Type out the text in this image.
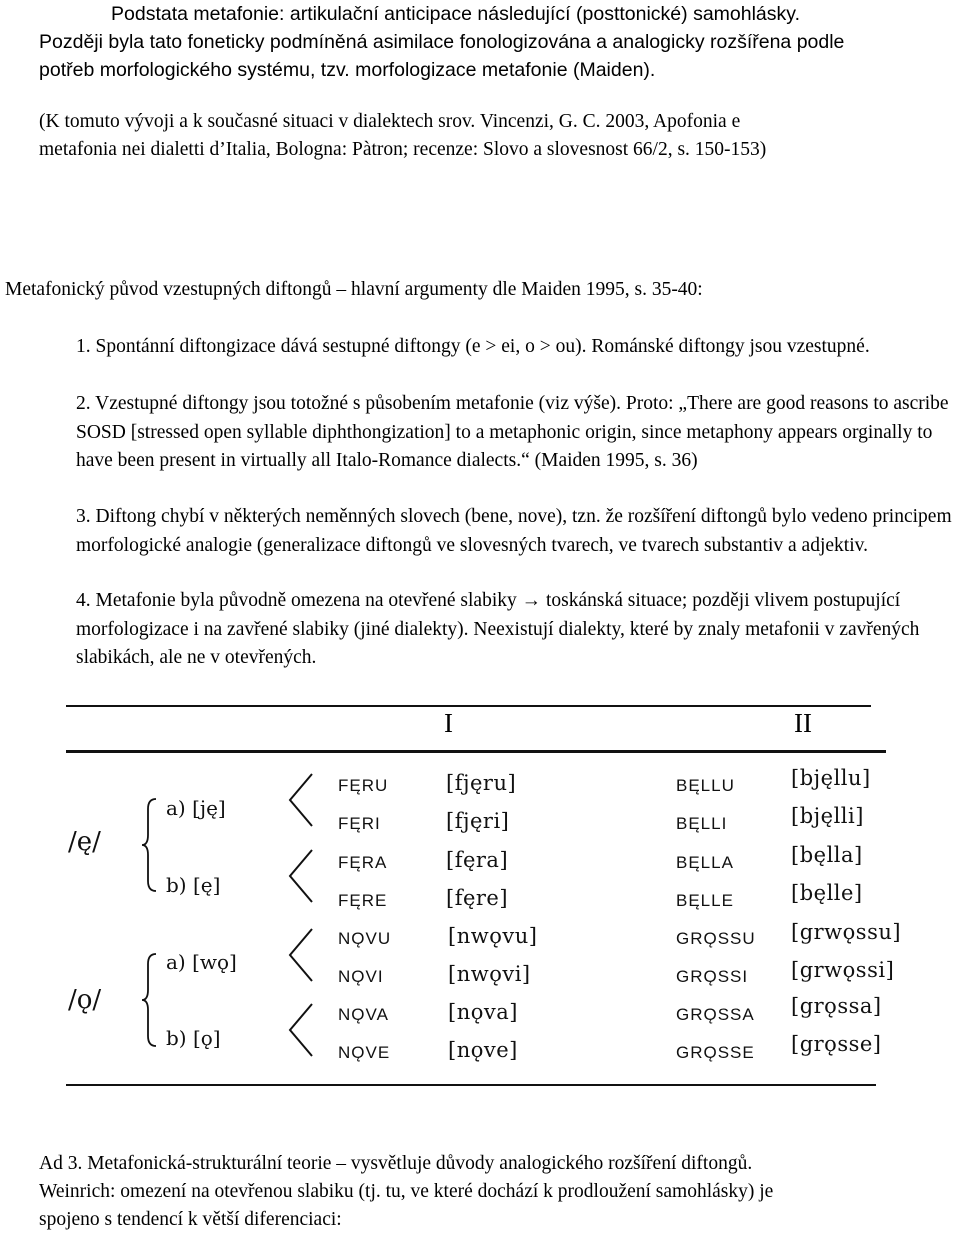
Podstata metafonie: artikulační anticipace následující (posttonické) samohlásky.

Později byla tato foneticky podmíněná asimilace fonologizována a analogicky rozšířena podle

potřeb morfologického systému, tzv. morfologizace metafonie (Maiden).

(K tomuto vývoji a k současné situaci v dialektech srov. Vincenzi, G. C. 2003, Apofonia e

metafonia nei dialetti d’Italia, Bologna: Pàtron; recenze: Slovo a slovesnost 66/2, s. 150-153)

Metafonický původ vzestupných diftongů – hlavní argumenty dle Maiden 1995, s. 35-40:

1. Spontánní diftongizace dává sestupné diftongy (e > ei, o > ou). Románské diftongy jsou vzestupné.

2. Vzestupné diftongy jsou totožné s působením metafonie (viz výše). Proto: „There are good reasons to ascribe SOSD [stressed open syllable diphthongization] to a metaphonic origin, since metaphony appears orginally to have been present in virtually all Italo-Romance dialects.“ (Maiden 1995, s. 36)

3. Diftong chybí v některých neměnných slovech (bene, nove), tzn. že rozšíření diftongů bylo vedeno principem morfologické analogie (generalizace diftongů ve slovesných tvarech, ve tvarech substantiv a adjektiv.

4. Metafonie byla původně omezena na otevřené slabiky → toskánská situace; později vlivem postupující morfologizace i na zavřené slabiky (jiné dialekty). Neexistují dialekty, které by znaly metafonii v zavřených slabikách, ale ne v otevřených.

I	II
/ę/
a) [ję]
b) [ę]
FĘRU	[fjęru]	BĘLLU	[bjęllu]
FĘRI	[fjęri]	BĘLLI	[bjęlli]
FĘRA	[fęra]	BĘLLA	[bęlla]
FĘRE	[fęre]	BĘLLE	[bęlle]
/ǫ/
a) [wǫ]
b) [ǫ]
NǪVU	[nwǫvu]	GRǪSSU [grwǫssu]
NǪVI	[nwǫvi]	GRǪSSI [grwǫssi]
NǪVA	[nǫva]	GRǪSSA [grǫssa]
NǪVE	[nǫve]	GRǪSSE [grǫsse]

Ad 3. Metafonická-strukturální teorie – vysvětluje důvody analogického rozšíření diftongů.

Weinrich: omezení na otevřenou slabiku (tj. tu, ve které dochází k prodloužení samohlásky) je

spojeno s tendencí k větší diferenciaci:
